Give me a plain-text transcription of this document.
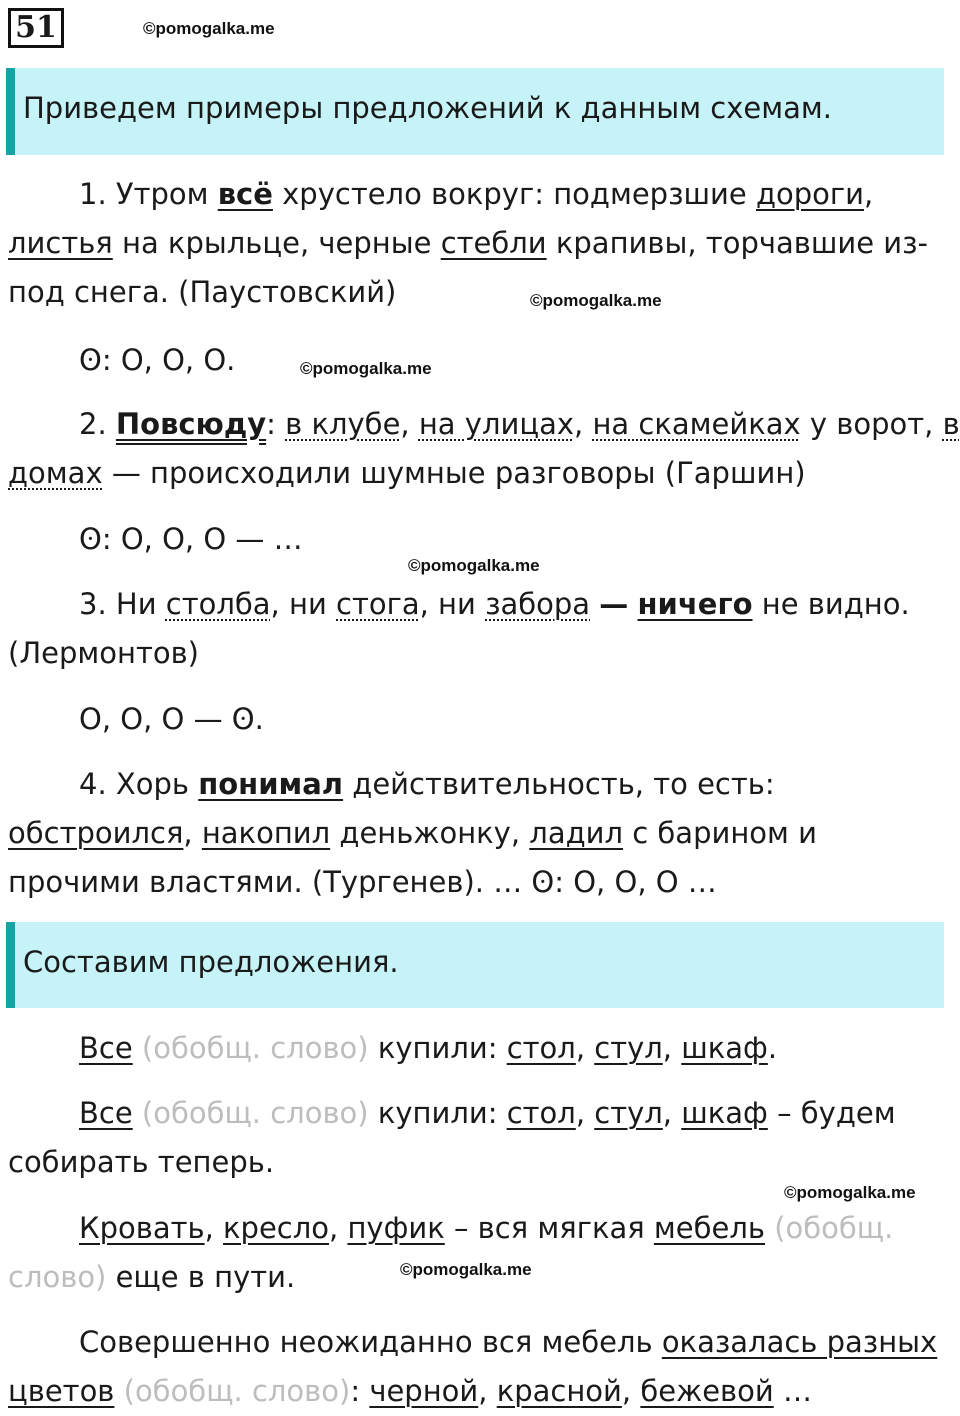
51	©pomogalka.me
Приведем примеры предложений к данным схемам.
1. Утром всё хрустело вокруг: подмерзшие дороги,
листья на крыльце, черные стебли крапивы, торчавшие из-
под снега. (Паустовский)	©pomogalka.me
ʘ: О, О, О.	©pomogalka.me
2. Повсюду: в клубе, на улицах, на скамейках у ворот, в
домах — происходили шумные разговоры (Гаршин)
ʘ: О, О, О — …
©pomogalka.me
3. Ни столба, ни стога, ни забора — ничего не видно.
(Лермонтов)
О, О, О — ʘ.
4. Хорь понимал действительность, то есть:
обстроился, накопил деньжонку, ладил с барином и
прочими властями. (Тургенев). … ʘ: О, О, О …
Составим предложения.
Все (обобщ. слово) купили: стол, стул, шкаф.
Все (обобщ. слово) купили: стол, стул, шкаф – будем
собирать теперь.
©pomogalka.me
Кровать, кресло, пуфик – вся мягкая мебель (обобщ.
слово) еще в пути.	©pomogalka.me
Совершенно неожиданно вся мебель оказалась разных
цветов (обобщ. слово): черной, красной, бежевой …
